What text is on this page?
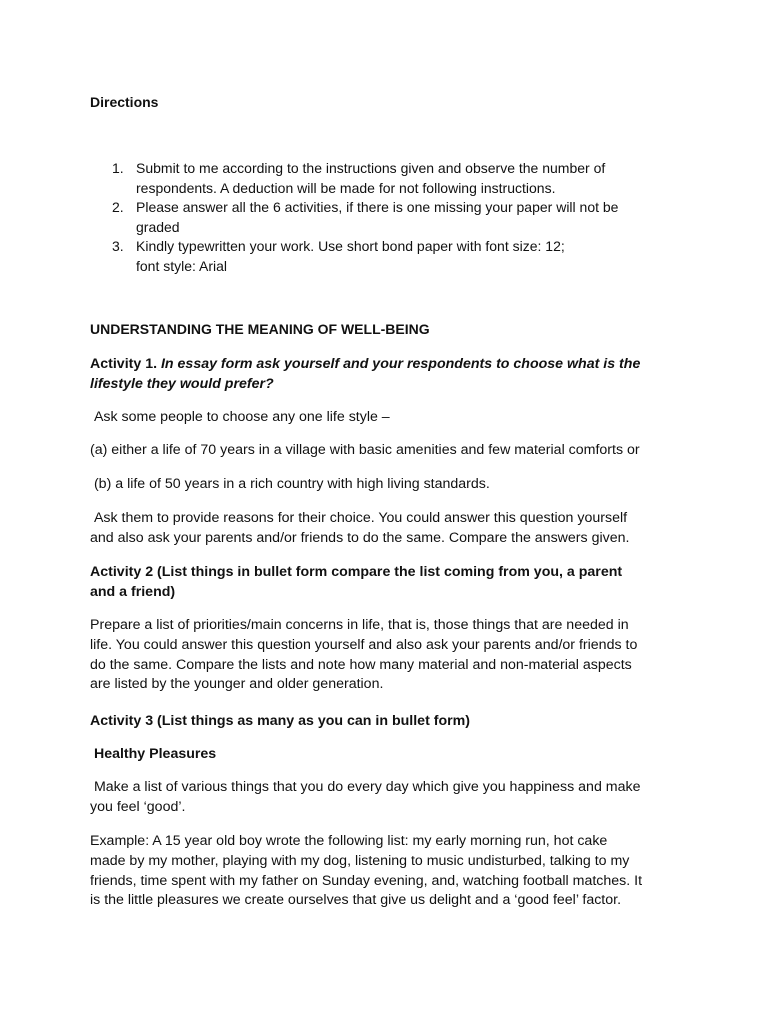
Directions
1. Submit to me according to the instructions given and observe the number of
respondents. A deduction will be made for not following instructions.
2. Please answer all the 6 activities, if there is one missing your paper will not be
graded
3. Kindly typewritten your work. Use short bond paper with font size: 12;
font style: Arial
UNDERSTANDING THE MEANING OF WELL-BEING

Activity 1. In essay form ask yourself and your respondents to choose what is the
lifestyle they would prefer?

Ask some people to choose any one life style –

(a) either a life of 70 years in a village with basic amenities and few material comforts or

(b) a life of 50 years in a rich country with high living standards.

Ask them to provide reasons for their choice. You could answer this question yourself
and also ask your parents and/or friends to do the same. Compare the answers given.

Activity 2 (List things in bullet form compare the list coming from you, a parent
and a friend)

Prepare a list of priorities/main concerns in life, that is, those things that are needed in
life. You could answer this question yourself and also ask your parents and/or friends to
do the same. Compare the lists and note how many material and non-material aspects
are listed by the younger and older generation.

Activity 3 (List things as many as you can in bullet form)

Healthy Pleasures

Make a list of various things that you do every day which give you happiness and make
you feel ‘good’.

Example: A 15 year old boy wrote the following list: my early morning run, hot cake
made by my mother, playing with my dog, listening to music undisturbed, talking to my
friends, time spent with my father on Sunday evening, and, watching football matches. It
is the little pleasures we create ourselves that give us delight and a ‘good feel’ factor.
